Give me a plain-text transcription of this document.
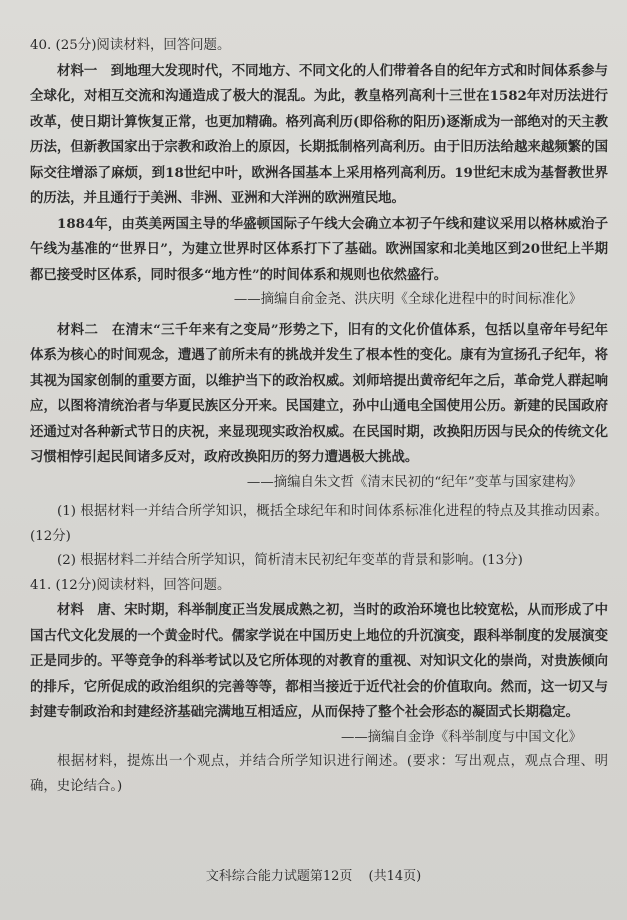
40. (25分)阅读材料，回答问题。

材料一　 到地理大发现时代，不同地方、不同文化的人们带着各自的纪年方式和时间体系参与全球化，对相互交流和沟通造成了极大的混乱。为此，教皇格列高利十三世在1582年对历法进行改革，使日期计算恢复正常，也更加精确。格列高利历(即俗称的阳历)逐渐成为一部绝对的天主教历法，但新教国家出于宗教和政治上的原因，长期抵制格列高利历。由于旧历法给越来越频繁的国际交往增添了麻烦，到18世纪中叶，欧洲各国基本上采用格列高利历。19世纪末成为基督教世界的历法，并且通行于美洲、非洲、亚洲和大洋洲的欧洲殖民地。

1884年，由英美两国主导的华盛顿国际子午线大会确立本初子午线和建议采用以格林威治子午线为基准的“世界日”，为建立世界时区体系打下了基础。欧洲国家和北美地区到20世纪上半期都已接受时区体系，同时很多“地方性”的时间体系和规则也依然盛行。

——摘编自俞金尧、洪庆明《全球化进程中的时间标准化》

材料二　 在清末“三千年来有之变局”形势之下，旧有的文化价值体系，包括以皇帝年号纪年体系为核心的时间观念，遭遇了前所未有的挑战并发生了根本性的变化。康有为宣扬孔子纪年，将其视为国家创制的重要方面，以维护当下的政治权威。刘师培提出黄帝纪年之后，革命党人群起响应，以图将清统治者与华夏民族区分开来。民国建立，孙中山通电全国使用公历。新建的民国政府还通过对各种新式节日的庆祝，来显现现实政治权威。在民国时期，改换阳历因与民众的传统文化习惯相悖引起民间诸多反对，政府改换阳历的努力遭遇极大挑战。

——摘编自朱文哲《清末民初的“纪年”变革与国家建构》

(1) 根据材料一并结合所学知识，概括全球纪年和时间体系标准化进程的特点及其推动因素。(12分)

(2) 根据材料二并结合所学知识，简析清末民初纪年变革的背景和影响。(13分)

41. (12分)阅读材料，回答问题。

材料　 唐、宋时期，科举制度正当发展成熟之初，当时的政治环境也比较宽松，从而形成了中国古代文化发展的一个黄金时代。儒家学说在中国历史上地位的升沉演变，跟科举制度的发展演变正是同步的。平等竞争的科举考试以及它所体现的对教育的重视、对知识文化的崇尚，对贵族倾向的排斥，它所促成的政治组织的完善等等，都相当接近于近代社会的价值取向。然而，这一切又与封建专制政治和封建经济基础完满地互相适应，从而保持了整个社会形态的凝固式长期稳定。

——摘编自金诤《科举制度与中国文化》

根据材料，提炼出一个观点，并结合所学知识进行阐述。(要求：写出观点，观点合理、明确，史论结合。)

文科综合能力试题第12页 (共14页)
